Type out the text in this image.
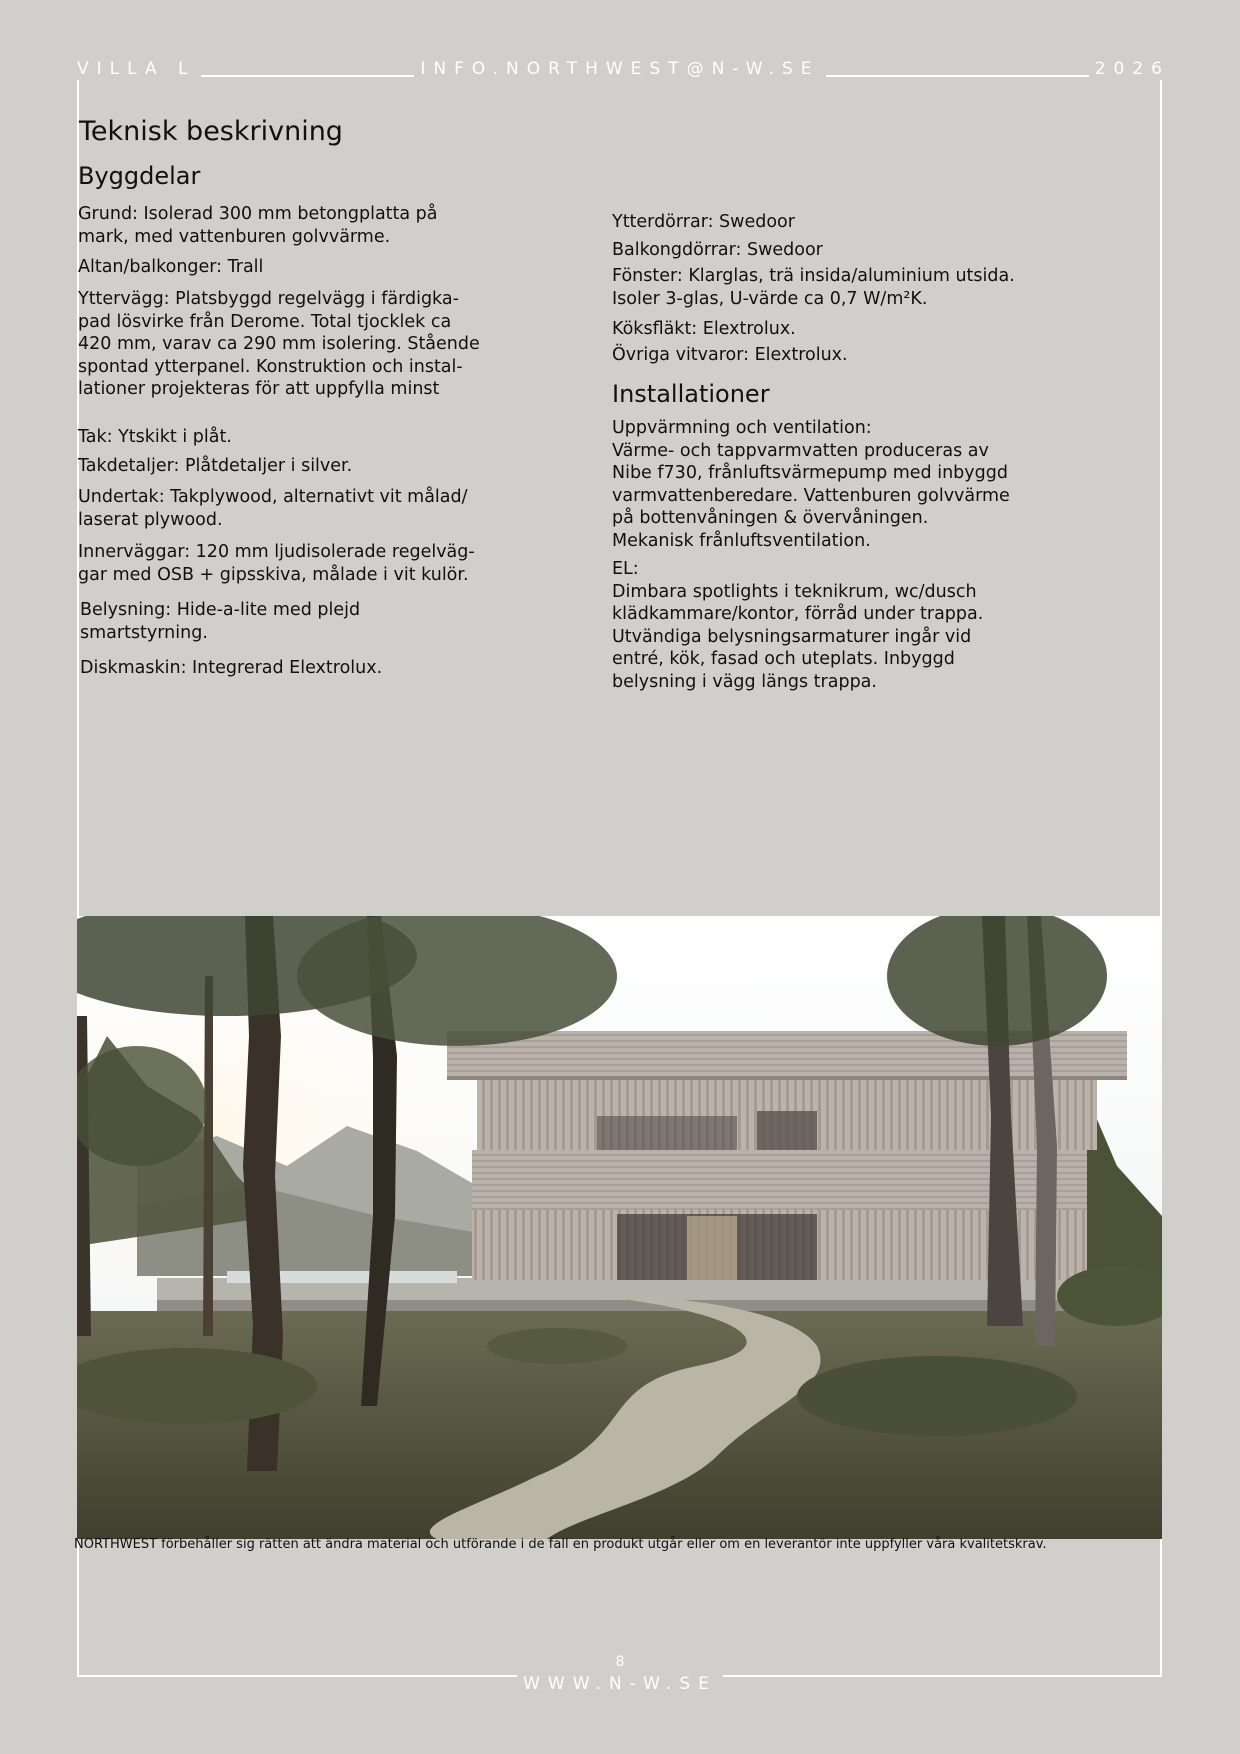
VILLA L	INFO.NORTHWEST@N-W.SE	2026
Teknisk beskrivning
Byggdelar

Grund: Isolerad 300 mm betongplatta på
mark, med vattenburen golvvärme.

Altan/balkonger: Trall

Yttervägg: Platsbyggd regelvägg i färdigka-
pad lösvirke från Derome. Total tjocklek ca
420 mm, varav ca 290 mm isolering. Stående
spontad ytterpanel. Konstruktion och instal-
lationer projekteras för att uppfylla minst

Tak: Ytskikt i plåt.

Takdetaljer: Plåtdetaljer i silver.

Undertak: Takplywood, alternativt vit målad/
laserat plywood.

Innerväggar: 120 mm ljudisolerade regelväg-
gar med OSB + gipsskiva, målade i vit kulör.

Belysning: Hide-a-lite med plejd
smartstyrning.

Diskmaskin: Integrerad Elextrolux.

Ytterdörrar: Swedoor

Balkongdörrar: Swedoor

Fönster: Klarglas, trä insida/aluminium utsida.
Isoler 3-glas, U-värde ca 0,7 W/m²K.

Köksfläkt: Elextrolux.

Övriga vitvaror: Elextrolux.

Installationer

Uppvärmning och ventilation:
Värme- och tappvarmvatten produceras av
Nibe f730, frånluftsvärmepump med inbyggd
varmvattenberedare. Vattenburen golvvärme
på bottenvåningen & övervåningen.
Mekanisk frånluftsventilation.

EL:
Dimbara spotlights i teknikrum, wc/dusch
klädkammare/kontor, förråd under trappa.
Utvändiga belysningsarmaturer ingår vid
entré, kök, fasad och uteplats. Inbyggd
belysning i vägg längs trappa.

NORTHWEST förbehåller sig rätten att ändra material och utförande i de fall en produkt utgår eller om en leverantör inte uppfyller våra kvalitetskrav.

8
WWW.N-W.SE
